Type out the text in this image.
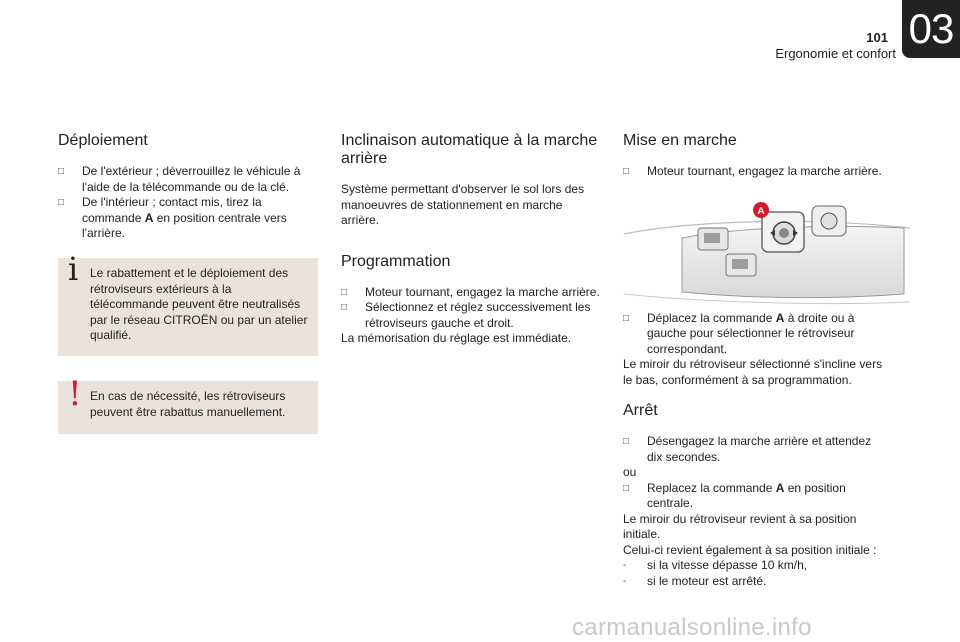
101
Ergonomie et confort
03
Déploiement
□	De l'extérieur ; déverrouillez le véhicule à l'aide de la télécommande ou de la clé.
□	De l'intérieur ; contact mis, tirez la commande A en position centrale vers l'arrière.
i Le rabattement et le déploiement des rétroviseurs extérieurs à la télécommande peuvent être neutralisés par le réseau CITROËN ou par un atelier qualifié.
! En cas de nécessité, les rétroviseurs peuvent être rabattus manuellement.
Inclinaison automatique à la marche arrière

Système permettant d'observer le sol lors des manoeuvres de stationnement en marche arrière.

Programmation
□	Moteur tournant, engagez la marche arrière.
□	Sélectionnez et réglez successivement les rétroviseurs gauche et droit.

La mémorisation du réglage est immédiate.

Mise en marche
□	Moteur tournant, engagez la marche arrière.
□	Déplacez la commande A à droite ou à gauche pour sélectionner le rétroviseur correspondant.

Le miroir du rétroviseur sélectionné s'incline vers le bas, conformément à sa programmation.

Arrêt
□	Désengagez la marche arrière et attendez dix secondes.

ou

□	Replacez la commande A en position centrale.

Le miroir du rétroviseur revient à sa position initiale.

Celui-ci revient également à sa position initiale :

-	si la vitesse dépasse 10 km/h,
-	si le moteur est arrêté.
A
carmanualsonline.info
